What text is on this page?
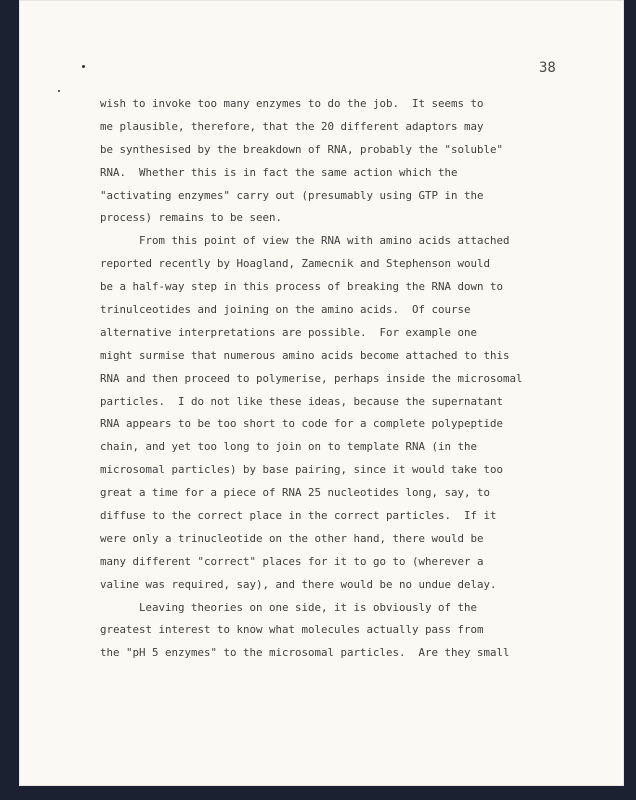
38

wish to invoke too many enzymes to do the job.  It seems to
me plausible, therefore, that the 20 different adaptors may
be synthesised by the breakdown of RNA, probably the "soluble"
RNA.  Whether this is in fact the same action which the
"activating enzymes" carry out (presumably using GTP in the
process) remains to be seen.
From this point of view the RNA with amino acids attached
reported recently by Hoagland, Zamecnik and Stephenson would
be a half-way step in this process of breaking the RNA down to
trinulceotides and joining on the amino acids.  Of course
alternative interpretations are possible.  For example one
might surmise that numerous amino acids become attached to this
RNA and then proceed to polymerise, perhaps inside the microsomal
particles.  I do not like these ideas, because the supernatant
RNA appears to be too short to code for a complete polypeptide
chain, and yet too long to join on to template RNA (in the
microsomal particles) by base pairing, since it would take too
great a time for a piece of RNA 25 nucleotides long, say, to
diffuse to the correct place in the correct particles.  If it
were only a trinucleotide on the other hand, there would be
many different "correct" places for it to go to (wherever a
valine was required, say), and there would be no undue delay.
Leaving theories on one side, it is obviously of the
greatest interest to know what molecules actually pass from
the "pH 5 enzymes" to the microsomal particles.  Are they small
